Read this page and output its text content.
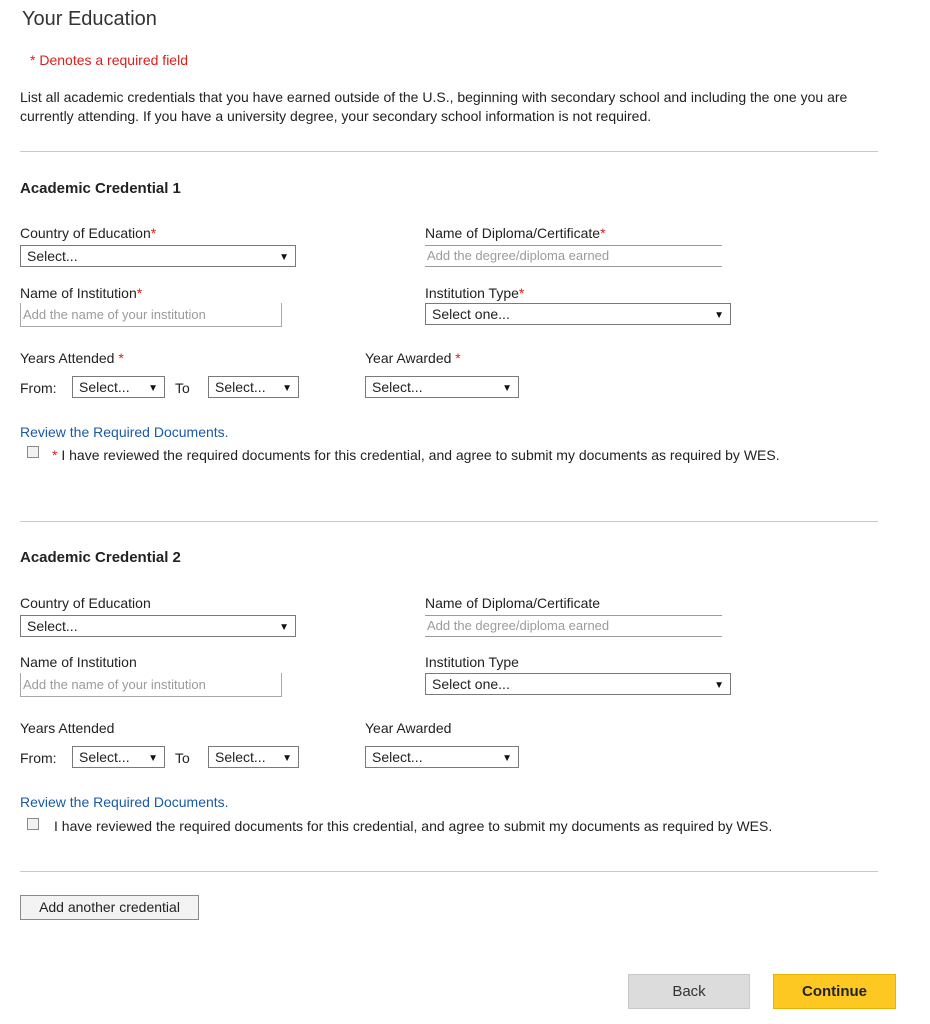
Your Education
* Denotes a required field
List all academic credentials that you have earned outside of the U.S., beginning with secondary school and including the one you are currently attending. If you have a university degree, your secondary school information is not required.
Academic Credential 1
Country of Education*
Select...	▼
Name of Diploma/Certificate*
Add the degree/diploma earned
Name of Institution*
Add the name of your institution
Institution Type*
Select one...	▼
Years Attended *
From:	Select... ▼ To	Select... ▼
Year Awarded *
Select...	▼
Review the Required Documents.
* I have reviewed the required documents for this credential, and agree to submit my documents as required by WES.
Academic Credential 2
Country of Education
Select...	▼
Name of Diploma/Certificate
Add the degree/diploma earned
Name of Institution
Add the name of your institution
Institution Type
Select one...	▼
Years Attended
From:	Select... ▼ To	Select... ▼
Year Awarded
Select...	▼
Review the Required Documents.
I have reviewed the required documents for this credential, and agree to submit my documents as required by WES.
Add another credential
Back	Continue
